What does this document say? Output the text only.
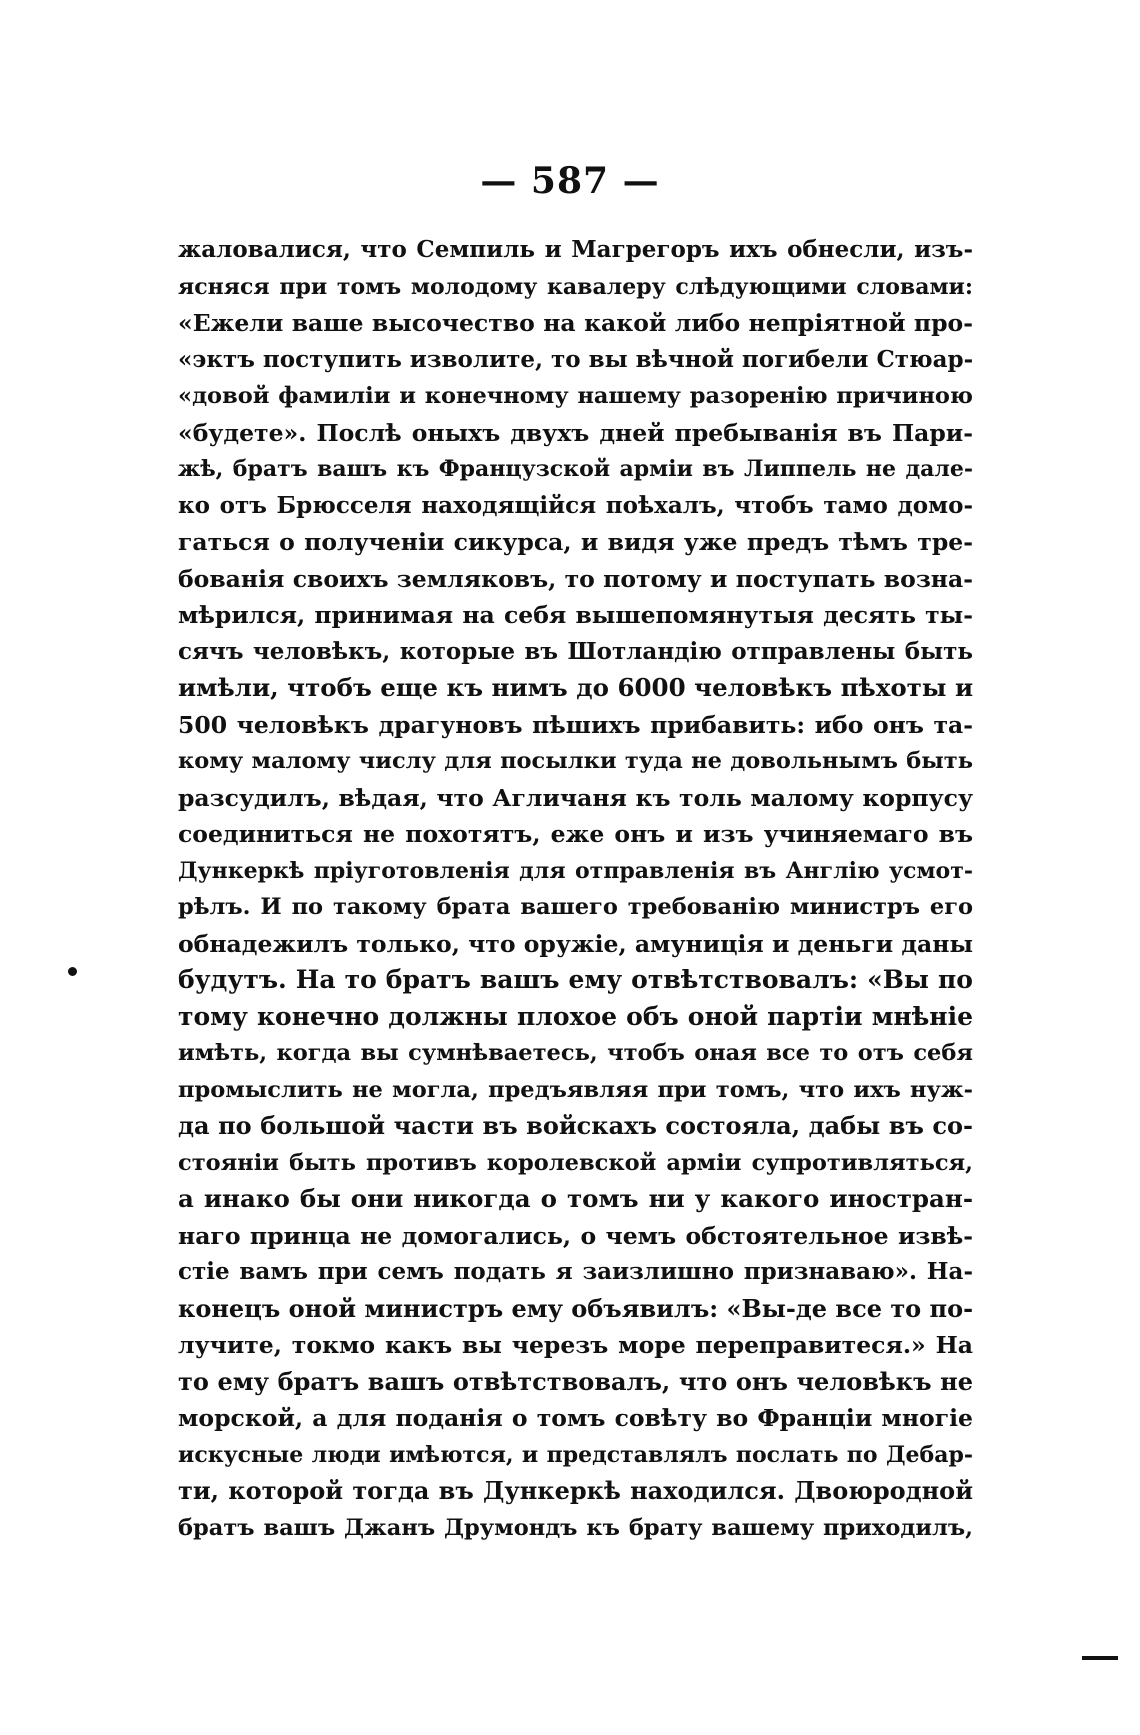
— 587 —
жаловалися, что Семпиль и Магрегоръ ихъ обнесли, изъ-
ясняся при томъ молодому кавалеру слѣдующими словами:
«Ежели ваше высочество на какой либо непріятной про-
«эктъ поступить изволите, то вы вѣчной погибели Стюар-
«довой фамиліи и конечному нашему разоренію причиною
«будете». Послѣ оныхъ двухъ дней пребыванія въ Пари-
жѣ, братъ вашъ къ Французской арміи въ Липпель не дале-
ко отъ Брюсселя находящійся поѣхалъ, чтобъ тамо домо-
гаться о полученіи сикурса, и видя уже предъ тѣмъ тре-
бованія своихъ земляковъ, то потому и поступать возна-
мѣрился, принимая на себя вышепомянутыя десять ты-
сячъ человѣкъ, которые въ Шотландію отправлены быть
имѣли, чтобъ еще къ нимъ до 6000 человѣкъ пѣхоты и
500 человѣкъ драгуновъ пѣшихъ прибавить: ибо онъ та-
кому малому числу для посылки туда не довольнымъ быть
разсудилъ, вѣдая, что Агличаня къ толь малому корпусу
соединиться не похотятъ, еже онъ и изъ учиняемаго въ
Дункеркѣ пріуготовленія для отправленія въ Англію усмот-
рѣлъ. И по такому брата вашего требованію министръ его
обнадежилъ только, что оружіе, амуниція и деньги даны
будутъ. На то братъ вашъ ему отвѣтствовалъ: «Вы по
тому конечно должны плохое объ оной партіи мнѣніе
имѣть, когда вы сумнѣваетесь, чтобъ оная все то отъ себя
промыслить не могла, предъявляя при томъ, что ихъ нуж-
да по большой части въ войскахъ состояла, дабы въ со-
стояніи быть противъ королевской арміи супротивляться,
а инако бы они никогда о томъ ни у какого иностран-
наго принца не домогались, о чемъ обстоятельное извѣ-
стіе вамъ при семъ подать я заизлишно признаваю». На-
конецъ оной министръ ему объявилъ: «Вы-де все то по-
лучите, токмо какъ вы черезъ море переправитеся.» На
то ему братъ вашъ отвѣтствовалъ, что онъ человѣкъ не
морской, а для поданія о томъ совѣту во Франціи многіе
искусные люди имѣются, и представлялъ послать по Дебар-
ти, которой тогда въ Дункеркѣ находился. Двоюродной
братъ вашъ Джанъ Друмондъ къ брату вашему приходилъ,
